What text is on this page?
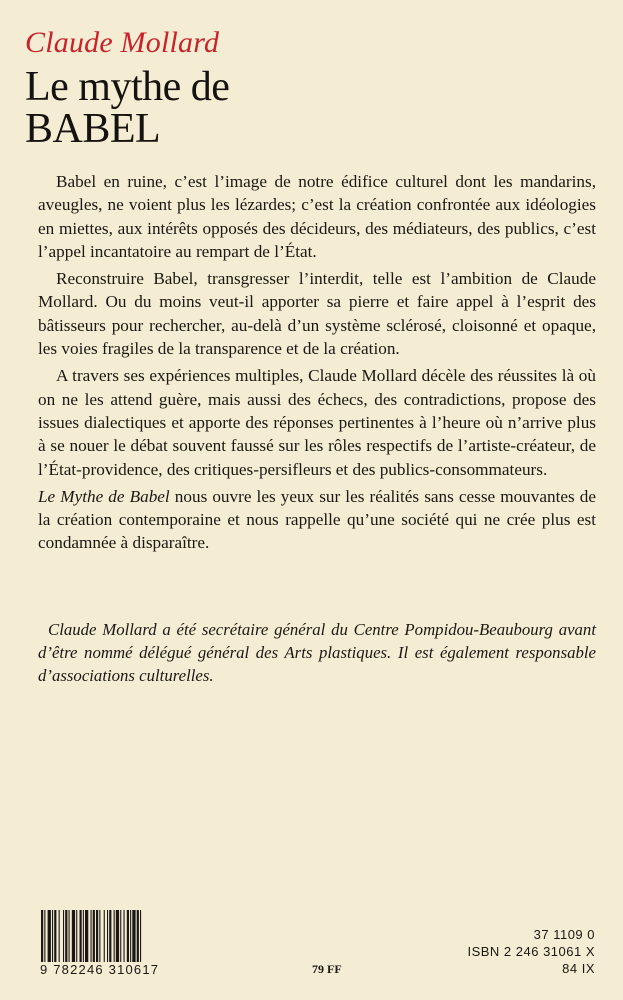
Claude Mollard
Le mythe de
BABEL

Babel en ruine, c’est l’image de notre édifice culturel dont les mandarins, aveugles, ne voient plus les lézardes; c’est la création confrontée aux idéologies en miettes, aux intérêts opposés des décideurs, des médiateurs, des publics, c’est l’appel incantatoire au rempart de l’État.

Reconstruire Babel, transgresser l’interdit, telle est l’ambition de Claude Mollard. Ou du moins veut-il apporter sa pierre et faire appel à l’esprit des bâtisseurs pour rechercher, au-delà d’un système sclérosé, cloisonné et opaque, les voies fragiles de la transparence et de la création.

A travers ses expériences multiples, Claude Mollard décèle des réussites là où on ne les attend guère, mais aussi des échecs, des contradictions, propose des issues dialectiques et apporte des réponses pertinentes à l’heure où n’arrive plus à se nouer le débat souvent faussé sur les rôles respectifs de l’artiste-créateur, de l’État-providence, des critiques-persifleurs et des publics-consommateurs.

Le Mythe de Babel nous ouvre les yeux sur les réalités sans cesse mouvantes de la création contemporaine et nous rappelle qu’une société qui ne crée plus est condamnée à disparaître.

Claude Mollard a été secrétaire général du Centre Pompidou-Beaubourg avant d’être nommé délégué général des Arts plastiques. Il est également responsable d’associations culturelles.
9 782246 310617	79 FF
37 1109 0
ISBN 2 246 31061 X
84 IX
